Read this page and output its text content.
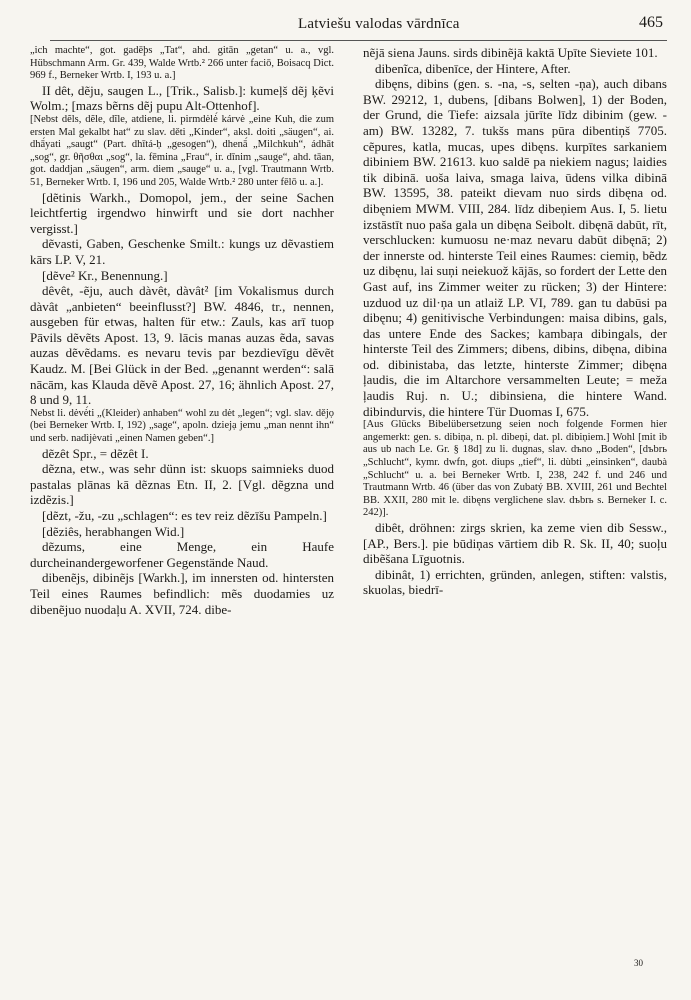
Latviešu valodas vārdnīca	465

„ich machte“, got. gadēþs „Tat“, ahd. gitān „getan“ u. a., vgl. Hübschmann Arm. Gr. 439, Walde Wrtb.² 266 unter faciō, Boisacq Dict. 969 f., Berneker Wrtb. I, 193 u. a.]

II dêt, dẽju, saugen L., [Trik., Salisb.]: kumeļš dẽj ķẽvi Wolm.; [mazs bẽrns dẽj pupu Alt-Ottenhof].

[Nebst dẽls, dẽle, dĩle, atdiene, li. pirmdėlė́ kárvė „eine Kuh, die zum ersten Mal gekalbt hat“ zu slav. děti „Kinder“, aksl. doiti „säugen“, ai. dhā́yati „saugt“ (Part. dhītá-ḥ „gesogen“), dhenā́ „Milchkuh“, ádhāt „sog“, gr. θῆσθαι „sog“, la. fēmina „Frau“, ir. dīnim „sauge“, ahd. tāan, got. daddjan „säugen“, arm. diem „sauge“ u. a., [vgl. Trautmann Wrtb. 51, Berneker Wrtb. I, 196 und 205, Walde Wrtb.² 280 unter fēlō u. a.].

[dẽtinis Warkh., Domopol, jem., der seine Sachen leichtfertig irgendwo hinwirft und sie dort nachher vergisst.]

dẽvasti, Gaben, Geschenke Smilt.: kungs uz dẽvastiem kārs LP. V, 21.

[dẽve² Kr., Benennung.]

dêvêt, -ẽju, auch dàvêt, dàvât² [im Vokalismus durch dàvât „anbieten“ beeinflusst?] BW. 4846, tr., nennen, ausgeben für etwas, halten für etw.: Zauls, kas arī tuop Pāvils dẽvẽts Apost. 13, 9. lācis manas auzas ẽda, savas auzas dẽvẽdams. es nevaru tevis par bezdievīgu dẽvẽt Kaudz. M. [Bei Glück in der Bed. „genannt werden“: salā nācām, kas Klauda dẽvẽ Apost. 27, 16; ähnlich Apost. 27, 8 und 9, 11.

Nebst li. dėvė́ti „(Kleider) anhaben“ wohl zu dėt „legen“; vgl. slav. dějọ (bei Berneker Wrtb. I, 192) „sage“, apoln. dziejạ jemu „man nennt ihn“ und serb. nadìjèvati „einen Namen geben“.]

dẽzêt Spr., = dẽzêt I.

dẽzna, etw., was sehr dünn ist: skuops saimnieks duod pastalas plānas kā dẽznas Etn. II, 2. [Vgl. dẽgzna und izdẽzis.]

[dẽzt, -žu, -zu „schlagen“: es tev reiz dẽzīšu Pampeln.]

[dẽziês, herabhangen Wid.]

dẽzums, eine Menge, ein Haufe durcheinandergeworfener Gegenstände Naud.

dibenẽjs, dibinẽjs [Warkh.], im innersten od. hintersten Teil eines Raumes befindlich: mẽs duodamies uz dibenẽjuo nuodaļu A. XVII, 724. dibe-

nẽjā siena Jauns. sirds dibinẽjā kaktā Upīte Sieviete 101.

dibenĩca, dibenīce, der Hintere, After.

dibęns, dibins (gen. s. -na, -s, selten -ņa), auch dibans BW. 29212, 1, dubens, [dibans Bolwen], 1) der Boden, der Grund, die Tiefe: aizsala jūrīte līdz dibinim (gew. -am) BW. 13282, 7. tukšs mans pūra dibentiņš 7705. cẽpures, katla, mucas, upes dibęns. kurpītes sarkaniem dibiniem BW. 21613. kuo saldē pa niekiem nagus; laidies tik dibinā. uoša laiva, smaga laiva, ūdens vilka dibinā BW. 13595, 38. pateikt dievam nuo sirds dibęna od. dibęniem MWM. VIII, 284. līdz dibeņiem Aus. I, 5. lietu izstāstīt nuo paša gala un dibęna Seibolt. dibęnā dabūt, rīt, verschlucken: kumuosu ne·maz nevaru dabūt dibęnā; 2) der innerste od. hinterste Teil eines Raumes: ciemiņ, bẽdz uz dibęnu, lai suņi neiekuož kājās, so fordert der Lette den Gast auf, ins Zimmer weiter zu rücken; 3) der Hintere: uzduod uz dil·ņa un atlaiž LP. VI, 789. gan tu dabūsi pa dibęnu; 4) genitivische Verbindungen: maisa dibins, gals, das untere Ende des Sackes; kambaŗa dibingals, der hinterste Teil des Zimmers; dibens, dibins, dibęna, dibina od. dibinistaba, das letzte, hinterste Zimmer; dibęna ļaudis, die im Altarchore versammelten Leute; = meža ļaudis Ruj. n. U.; dibinsiena, die hintere Wand. dibindurvis, die hintere Tür Duomas I, 675.

[Aus Glücks Bibelübersetzung seien noch folgende Formen hier angemerkt: gen. s. dibiņa, n. pl. dibeņi, dat. pl. dibiņiem.] Wohl [mit ib aus ub nach Le. Gr. § 18d] zu li. dugnas, slav. dъno „Boden“, [dъbrь „Schlucht“, kymr. dwfn, got. diups „tief“, li. dùbti „einsinken“, daubà „Schlucht“ u. a. bei Berneker Wrtb. I, 238, 242 f. und 246 und Trautmann Wrtb. 46 (über das von Zubatý BB. XVIII, 261 und Bechtel BB. XXII, 280 mit le. dibęns verglichene slav. dъbrь s. Berneker I. c. 242)].

dibêt, dröhnen: zirgs skrien, ka zeme vien dib Sessw., [AP., Bers.]. pie būdiņas vārtiem dib R. Sk. II, 40; suoļu dibẽšana Līguotnis.

dibinât, 1) errichten, gründen, anlegen, stiften: valstis, skuolas, biedrī-

30
